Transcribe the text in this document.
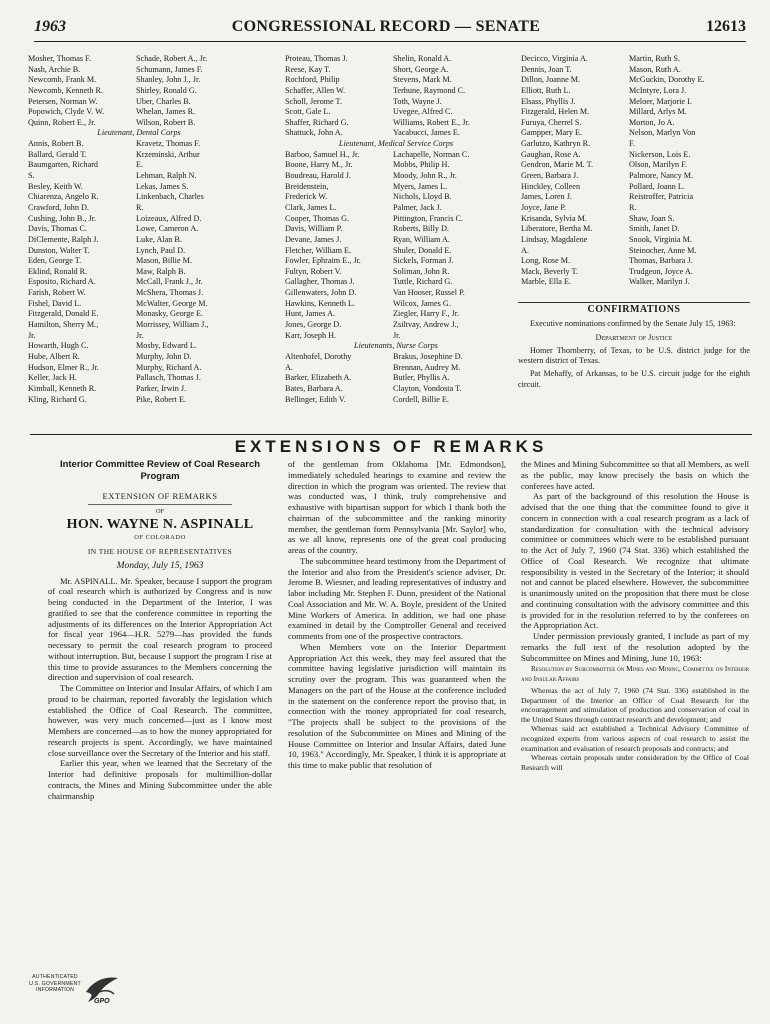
1963	CONGRESSIONAL RECORD — SENATE	12613
Mosher, Thomas F.	Schade, Robert A., Jr.
Nash, Archie B.	Schumann, James F.
Newcomb, Frank M.	Shanley, John J., Jr.
Newcomb, Kenneth R.	Shirley, Ronald G.
Petersen, Norman W.	Uber, Charles B.
Popowich, Clyde V. W.	Whelan, James R.
Quinn, Robert E., Jr.	Wilson, Robert B.
Lieutenant, Dental Corps
Annis, Robert B.	Kravetz, Thomas F.
Ballard, Gerald T.	Krzeminski, Arthur
Baumgarten, Richard	E.
S.	Lehman, Ralph N.
Besley, Keith W.	Lekas, James S.
Chiarenza, Angelo R.	Linkenbach, Charles
Crawford, John D.	R.
Cushing, John B., Jr.	Loizeaux, Alfred D.
Davis, Thomas C.	Lowe, Cameron A.
DiClemente, Ralph J.	Luke, Alan B.
Dunston, Walter T.	Lynch, Paul D.
Eden, George T.	Mason, Billie M.
Eklind, Ronald R.	Maw, Ralph B.
Esposito, Richard A.	McCall, Frank J., Jr.
Farish, Robert W.	McShera, Thomas J.
Fishel, David L.	McWalter, George M.
Fitzgerald, Donald E.	Monasky, George E.
Hamilton, Sherry M.,	Morrissey, William J.,
Jr.	Jr.
Howarth, Hugh C.	Mosby, Edward L.
Hube, Albert R.	Murphy, John D.
Hudson, Elmer R., Jr.	Murphy, Richard A.
Keller, Jack H.	Pallasch, Thomas J.
Kimball, Kenneth R.	Parker, Irwin J.
Kling, Richard G.	Pike, Robert E.
Proteau, Thomas J.	Shelin, Ronald A.
Reese, Kay T.	Short, George A.
Rochford, Philip	Stevens, Mark M.
Schaffer, Allen W.	Terhune, Raymond C.
Scholl, Jerome T.	Toth, Wayne J.
Scott, Gale L.	Uvegee, Alfred C.
Shaffer, Richard G.	Williams, Robert E., Jr.
Shattuck, John A.	Yacabucci, James E.
Lieutenant, Medical Service Corps
Barboo, Samuel H., Jr.	Lachapelle, Norman C.
Boone, Harry M., Jr.	Mobbs, Philip H.
Boudreau, Harold J.	Moody, John R., Jr.
Breidenstein,	Myers, James L.
Frederick W.	Nichols, Lloyd B.
Clark, James L.	Palmer, Jack J.
Cooper, Thomas G.	Pittington, Francis C.
Davis, William P.	Roberts, Billy D.
Devane, James J.	Ryan, William A.
Fletcher, William E.	Shuler, Donald E.
Fowler, Ephraim E., Jr.	Sickels, Forman J.
Fultyn, Robert V.	Soliman, John R.
Gallagher, Thomas J.	Tuttle, Richard G.
Gillenwaters, John D.	Van Hooser, Russel P.
Hawkins, Kenneth L.	Wilcox, James G.
Hunt, James A.	Ziegler, Harry F., Jr.
Jones, George D.	Zsiltvay, Andrew J.,
Karr, Joseph H.	Jr.
Lieutenants, Nurse Corps
Altenhofel, Dorothy	Brakus, Josephine D.
A.	Brennan, Audrey M.
Barker, Elizabeth A.	Butler, Phyllis A.
Bates, Barbara A.	Clayton, Vondosta T.
Bellinger, Edith V.	Cordell, Billie E.
Decicco, Virginia A.	Martin, Ruth S.
Dennis, Joan T.	Mason, Ruth A.
Dillon, Joanne M.	McGuckin, Dorothy E.
Elliott, Ruth L.	McIntyre, Lora J.
Elsass, Phyllis J.	Meloer, Marjorie I.
Fitzgerald, Helen M.	Millard, Arlys M.
Furuya, Cherrel S.	Morton, Jo A.
Gampper, Mary E.	Nelson, Marlyn Von
Garlutzo, Kathryn R.	F.
Gaughan, Rose A.	Nickerson, Lois E.
Gendron, Marie M. T.	Olson, Marilyn F.
Green, Barbara J.	Palmore, Nancy M.
Hinckley, Colleen	Pollard, Joann L.
James, Loren J.	Reistroffer, Patricia
Joyce, Jane P.	R.
Krisanda, Sylvia M.	Shaw, Joan S.
Liberatore, Bertha M.	Smith, Janet D.
Lindsay, Magdalene	Snook, Virginia M.
A.	Steinocher, Anne M.
Long, Rose M.	Thomas, Barbara J.
Mack, Beverly T.	Trudgeon, Joyce A.
Marble, Ella E.	Walker, Marilyn J.
CONFIRMATIONS

Executive nominations confirmed by the Senate July 15, 1963:

Department of Justice

Homer Thornberry, of Texas, to be U.S. district judge for the western district of Texas.

Pat Mehaffy, of Arkansas, to be U.S. circuit judge for the eighth circuit.

EXTENSIONS OF REMARKS
Interior Committee Review of Coal Research Program
EXTENSION OF REMARKS
OF
HON. WAYNE N. ASPINALL
OF COLORADO
IN THE HOUSE OF REPRESENTATIVES
Monday, July 15, 1963

Mr. ASPINALL. Mr. Speaker, because I support the program of coal research which is authorized by Congress and is now being conducted in the Department of the Interior, I was gratified to see that the conference committee in reporting the adjustments of its differences on the Interior Appropriation Act for fiscal year 1964—H.R. 5279—has provided the funds necessary to permit the coal research program to proceed without interruption. But, because I support the program I rise at this time to provide assurances to the Members concerning the direction and supervision of coal research.

The Committee on Interior and Insular Affairs, of which I am proud to be chairman, reported favorably the legislation which established the Office of Coal Research. The committee, however, was very much concerned—just as I know most Members are concerned—as to how the money appropriated for research projects is spent. Accordingly, we have maintained close surveillance over the Secretary of the Interior and his staff.

Earlier this year, when we learned that the Secretary of the Interior had definitive proposals for multimillion-dollar contracts, the Mines and Mining Subcommittee under the able chairmanship

of the gentleman from Oklahoma [Mr. Edmondson], immediately scheduled hearings to examine and review the direction in which the program was oriented. The review that was conducted was, I think, truly comprehensive and exhaustive with bipartisan support for which I thank both the chairman of the subcommittee and the ranking minority member, the gentleman form Pennsylvania [Mr. Saylor] who, as we all know, represents one of the great coal producing areas of the country.

The subcommittee heard testimony from the Department of the Interior and also from the President's science adviser, Dr. Jerome B. Wiesner, and leading representatives of industry and labor including Mr. Stephen F. Dunn, president of the National Coal Association and Mr. W. A. Boyle, president of the United Mine Workers of America. In addition, we had one phase examined in detail by the Comptroller General and received comments from one of the prospective contractors.

When Members vote on the Interior Department Appropriation Act this week, they may feel assured that the committee having legislative jurisdiction will maintain its scrutiny over the program. This was guaranteed when the Managers on the part of the House at the conference included in the statement on the conference report the proviso that, in connection with the money appropriated for coal research, "The projects shall be subject to the provisions of the resolution of the Subcommittee on Mines and Mining of the House Committee on Interior and Insular Affairs, dated June 10, 1963." Accordingly, Mr. Speaker, I think it is appropriate at this time to make public that resolution of

the Mines and Mining Subcommittee so that all Members, as well as the public, may know precisely the basis on which the conferees have acted.

As part of the background of this resolution the House is advised that the one thing that the committee found to give it concern in connection with a coal research program as a lack of standardization for consultation with the technical advisory committee or committees which were to be established pursuant to the Act of July 7, 1960 (74 Stat. 336) which established the Office of Coal Research. We recognize that ultimate responsibility is vested in the Secretary of the Interior; it should not and cannot be placed elsewhere. However, the subcommittee is unanimously united on the proposition that there must be close and continuing consultation with the advisory committee and this is provided for in the resolution referred to by the conferees on the Appropriation Act.

Under permission previously granted, I include as part of my remarks the full text of the resolution adopted by the Subcommittee on Mines and Mining, June 10, 1963:

Resolution by Subcommittee on Mines and Mining, Committee on Interior and Insular Affairs

Whereas the act of July 7, 1960 (74 Stat. 336) established in the Department of the Interior an Office of Coal Research for the encouragement and stimulation of production and conservation of coal in the United States through contract research and development; and

Whereas said act established a Technical Advisory Committee of recognized experts from various aspects of coal research to assist the examination and evaluation of research proposals and contracts; and

Whereas certain proposals under consideration by the Office of Coal Research will

AUTHENTICATED
U.S. GOVERNMENT
INFORMATION
GPO
